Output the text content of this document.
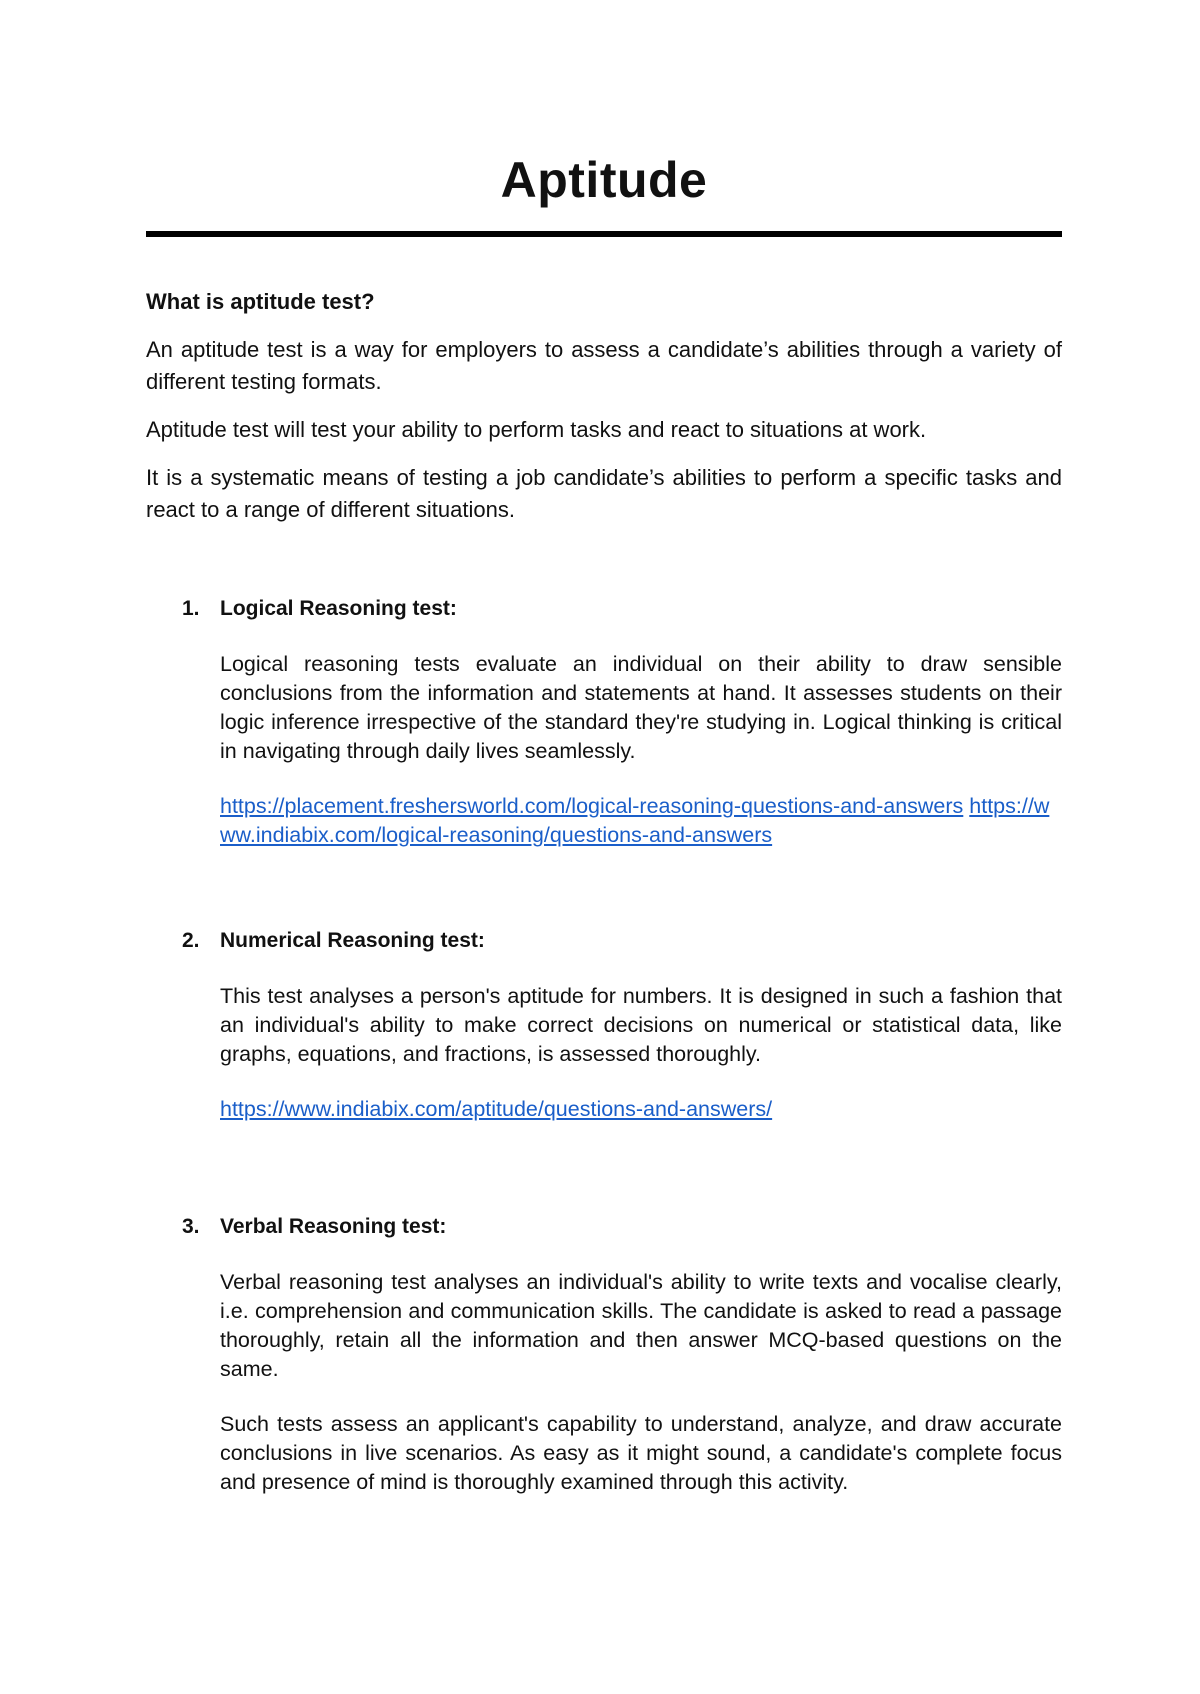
Aptitude
What is aptitude test?

An aptitude test is a way for employers to assess a candidate’s abilities through a variety of different testing formats.

Aptitude test will test your ability to perform tasks and react to situations at work.

It is a systematic means of testing a job candidate’s abilities to perform a specific tasks and react to a range of different situations.

1. Logical Reasoning test:

Logical reasoning tests evaluate an individual on their ability to draw sensible conclusions from the information and statements at hand. It assesses students on their logic inference irrespective of the standard they're studying in. Logical thinking is critical in navigating through daily lives seamlessly.

https://placement.freshersworld.com/logical-reasoning-questions-and-answers https://www.indiabix.com/logical-reasoning/questions-and-answers
2. Numerical Reasoning test:

This test analyses a person's aptitude for numbers. It is designed in such a fashion that an individual's ability to make correct decisions on numerical or statistical data, like graphs, equations, and fractions, is assessed thoroughly.

https://www.indiabix.com/aptitude/questions-and-answers/
3. Verbal Reasoning test:

Verbal reasoning test analyses an individual's ability to write texts and vocalise clearly, i.e. comprehension and communication skills. The candidate is asked to read a passage thoroughly, retain all the information and then answer MCQ-based questions on the same.

Such tests assess an applicant's capability to understand, analyze, and draw accurate conclusions in live scenarios. As easy as it might sound, a candidate's complete focus and presence of mind is thoroughly examined through this activity.
